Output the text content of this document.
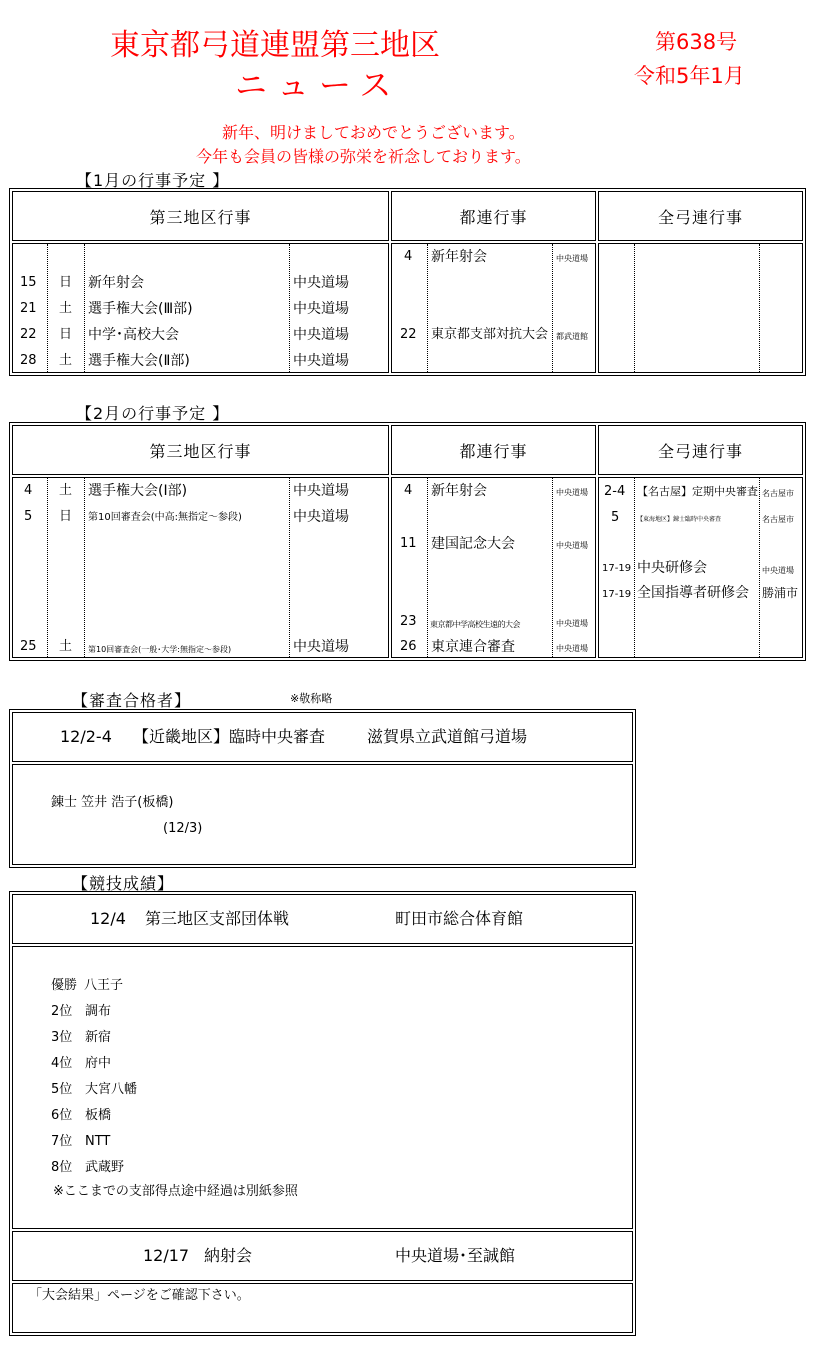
東京都弓道連盟第三地区
ニュース
第638号
令和5年1月
新年、明けましておめでとうございます。
今年も会員の皆様の弥栄を祈念しております。
【1月の行事予定 】
第三地区行事	都連行事	全弓連行事
15 日 新年射会	中央道場
21 土 選手権大会(Ⅲ部)	中央道場
22 日 中学･高校大会	中央道場
28 土 選手権大会(Ⅱ部)	中央道場
4 新年射会	中央道場
22 東京都支部対抗大会 都武道館
【2月の行事予定 】
第三地区行事	都連行事	全弓連行事
4 土 選手権大会(Ⅰ部)	中央道場
5 日 第10回審査会(中高:無指定～参段)	中央道場
25 土 第10回審査会(一般･大学:無指定～参段)	中央道場
4 新年射会	中央道場
11 建国記念大会	中央道場
23 東京都中学高校生遠的大会	中央道場
26 東京連合審査	中央道場
2-4 【名古屋】定期中央審査 名古屋市
5	【東海地区】錬士臨時中央審査	名古屋市
17-19 中央研修会	中央道場
17-19 全国指導者研修会 勝浦市
【審査合格者】	※敬称略
12/2-4 【近畿地区】臨時中央審査	滋賀県立武道館弓道場
錬士 笠井 浩子(板橋)
(12/3)
【競技成績】
12/4 第三地区支部団体戦	町田市総合体育館
優勝 八王子
2位 調布
3位 新宿
4位 府中
5位 大宮八幡
6位 板橋
7位 NTT
8位 武蔵野
※ここまでの支部得点途中経過は別紙参照
12/17 納射会	中央道場･至誠館
「大会結果」ページをご確認下さい。
